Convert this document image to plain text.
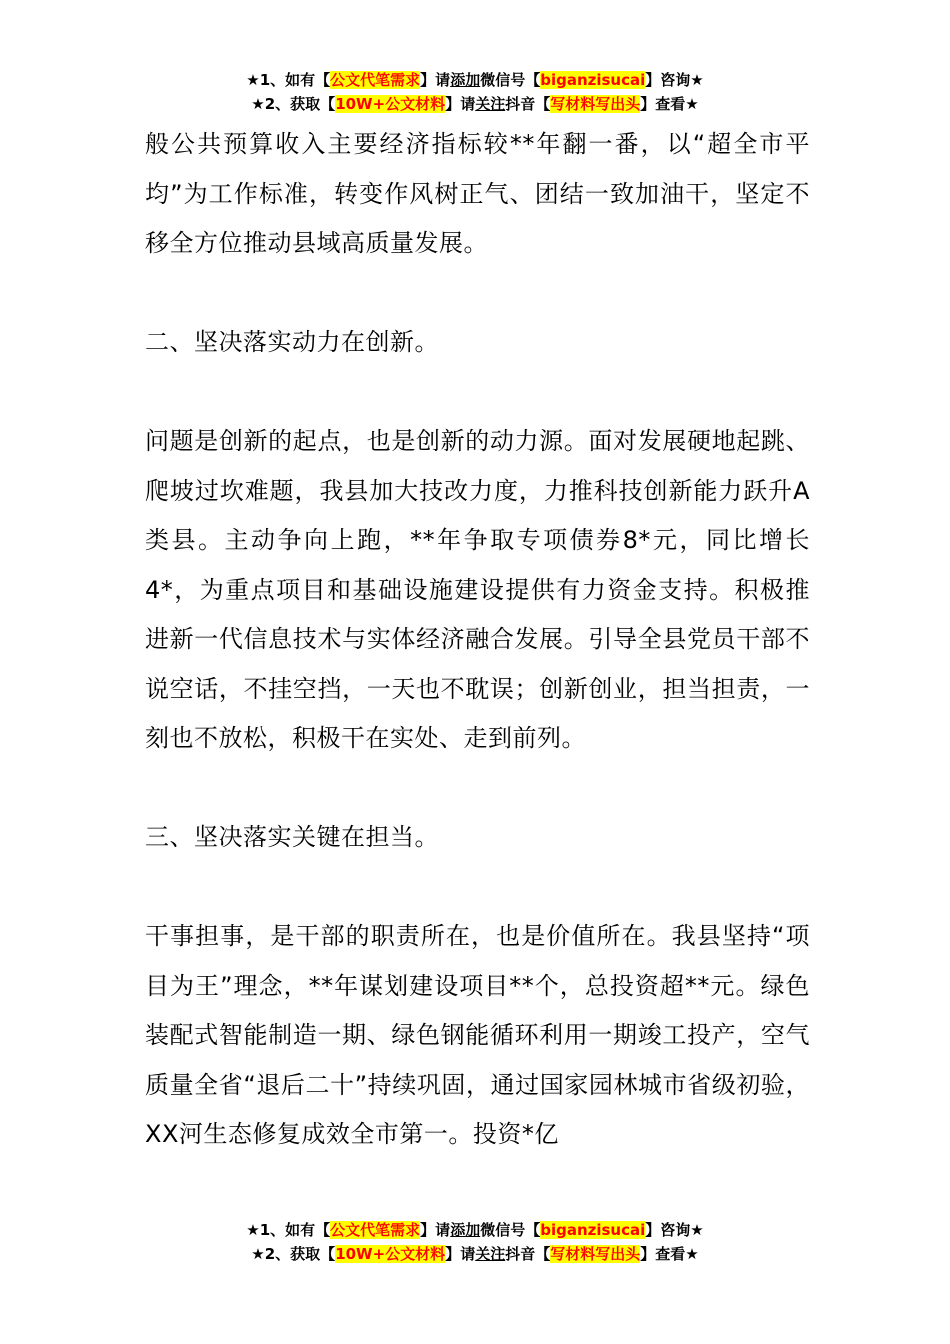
★1、如有【公文代笔需求】请添加微信号【biganzisucai】咨询★
★2、获取【10W+公文材料】请关注抖音【写材料写出头】查看★

般公共预算收入主要经济指标较**年翻一番，以“超全市平均”为工作标准，转变作风树正气、团结一致加油干，坚定不移全方位推动县域高质量发展。

二、坚决落实动力在创新。

问题是创新的起点，也是创新的动力源。面对发展硬地起跳、爬坡过坎难题，我县加大技改力度，力推科技创新能力跃升A类县。主动争向上跑，**年争取专项债券8*元，同比增长4*，为重点项目和基础设施建设提供有力资金支持。积极推进新一代信息技术与实体经济融合发展。引导全县党员干部不说空话，不挂空挡，一天也不耽误；创新创业，担当担责，一刻也不放松，积极干在实处、走到前列。

三、坚决落实关键在担当。

干事担事，是干部的职责所在，也是价值所在。我县坚持“项目为王”理念，**年谋划建设项目**个，总投资超**元。绿色装配式智能制造一期、绿色钢能循环利用一期竣工投产，空气质量全省“退后二十”持续巩固，通过国家园林城市省级初验，XX河生态修复成效全市第一。投资*亿

★1、如有【公文代笔需求】请添加微信号【biganzisucai】咨询★
★2、获取【10W+公文材料】请关注抖音【写材料写出头】查看★
